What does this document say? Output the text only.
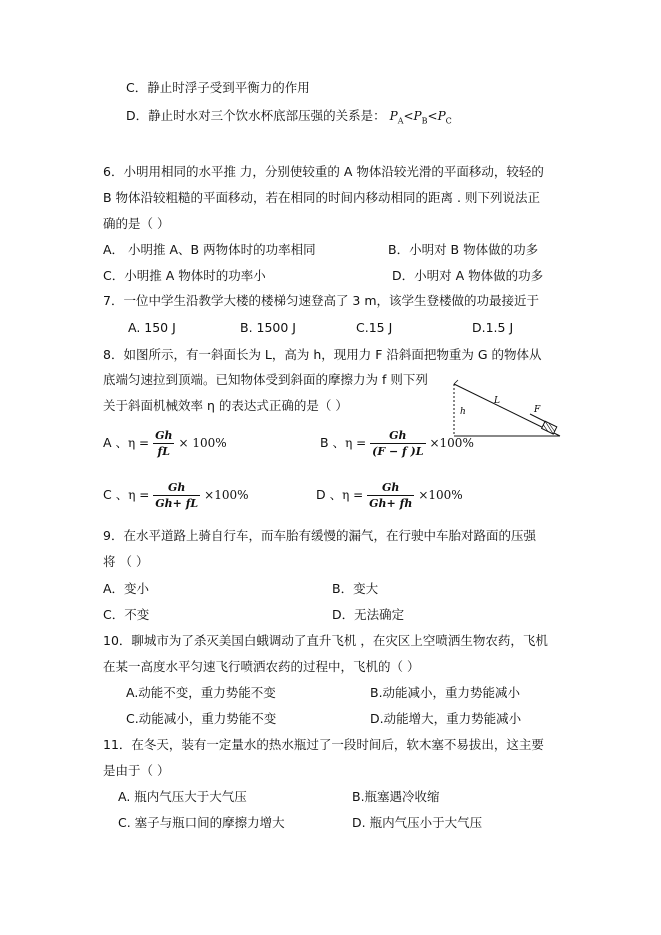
C．静止时浮子受到平衡力的作用
D．静止时水对三个饮水杯底部压强的关系是： $P_A<P_B<P_C$
6．小明用相同的水平推 力，分别使较重的 A 物体沿较光滑的平面移动，较轻的
B 物体沿较粗糙的平面移动，若在相同的时间内移动相同的距离 . 则下列说法正
确的是（ ）
A． 小明推 A、B 两物体时的功率相同	B．小明对 B 物体做的功多
C．小明推 A 物体时的功率小	D．小明对 A 物体做的功多
7．一位中学生沿教学大楼的楼梯匀速登高了 3 m，该学生登楼做的功最接近于
A. 150 J	B. 1500 J	C.15 J	D.1.5 J
8．如图所示，有一斜面长为 L，高为 h，现用力 F 沿斜面把物重为 G 的物体从
底端匀速拉到顶端。已知物体受到斜面的摩擦力为 f 则下列
关于斜面机械效率 η 的表达式正确的是（ ）	h
L
F
A 、$\eta = \frac{Gh}{fL} \times 100\%$	B 、$\eta = \frac{Gh}{(F - f )L} \times 100\%$
C 、$\eta = \frac{Gh}{Gh+ fL} \times 100\%$	D 、$\eta = \frac{Gh}{Gh+ fh} \times 100\%$
9．在水平道路上骑自行车，而车胎有缓慢的漏气，在行驶中车胎对路面的压强
将 （ ）
A．变小	B．变大
C．不变	D．无法确定
10．聊城市为了杀灭美国白蛾调动了直升飞机 ，在灾区上空喷洒生物农药，飞机
在某一高度水平匀速飞行喷洒农药的过程中，飞机的（ ）
A.动能不变，重力势能不变	B.动能减小，重力势能减小
C.动能减小，重力势能不变	D.动能增大，重力势能减小
11．在冬天，装有一定量水的热水瓶过了一段时间后，软木塞不易拔出，这主要
是由于（ ）
A. 瓶内气压大于大气压	B.瓶塞遇冷收缩
C. 塞子与瓶口间的摩擦力增大	D. 瓶内气压小于大气压
